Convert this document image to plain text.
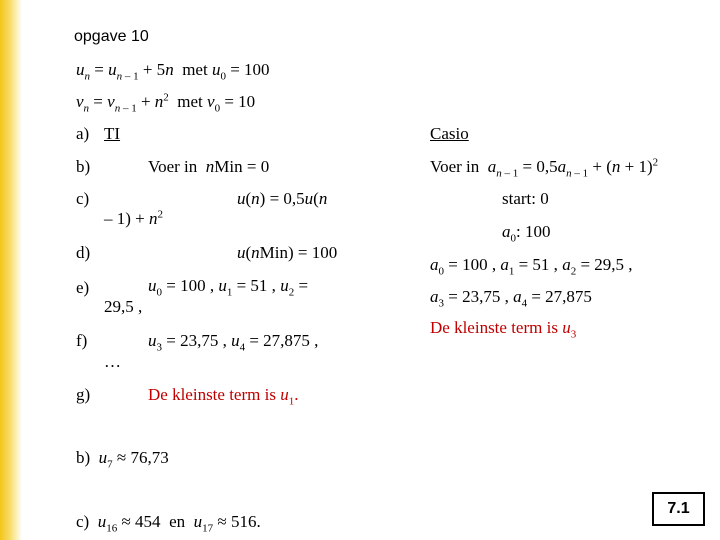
opgave 10
$u_n = u_{n - 1} + 5n$  met $u_0 = 100$
$v_n = v_{n - 1} + n^2$  met $v_0 = 10$
a)
b)
c)
d)
e)
f)
g)
TI
Voer in nMin = 0
u(n) = 0,5u(n
– $1) + n^2$
u(nMin) = 100
$u_0 = 100$ , $u_1 = 51$ , $u_2$ =
29,5 ,
$u_3 = 23,75$ , $u_4 = 27,875$ ,
…
De kleinste term is $u_1$.
Casio
Voer in $a_{n - 1} = 0,5a_{n - 1} + (n + 1)^2$
start: 0
$a_0$: 100
$a_0 = 100$ , $a_1 = 51$ , $a_2 = 29,5$ ,
$a_3 = 23,75$ , $a_4 = 27,875$
De kleinste term is $u_3$
b) $u_7 \approx 76,73$
c) $u_{16} \approx 454$ en $u_{17} \approx 516$.
7.1
